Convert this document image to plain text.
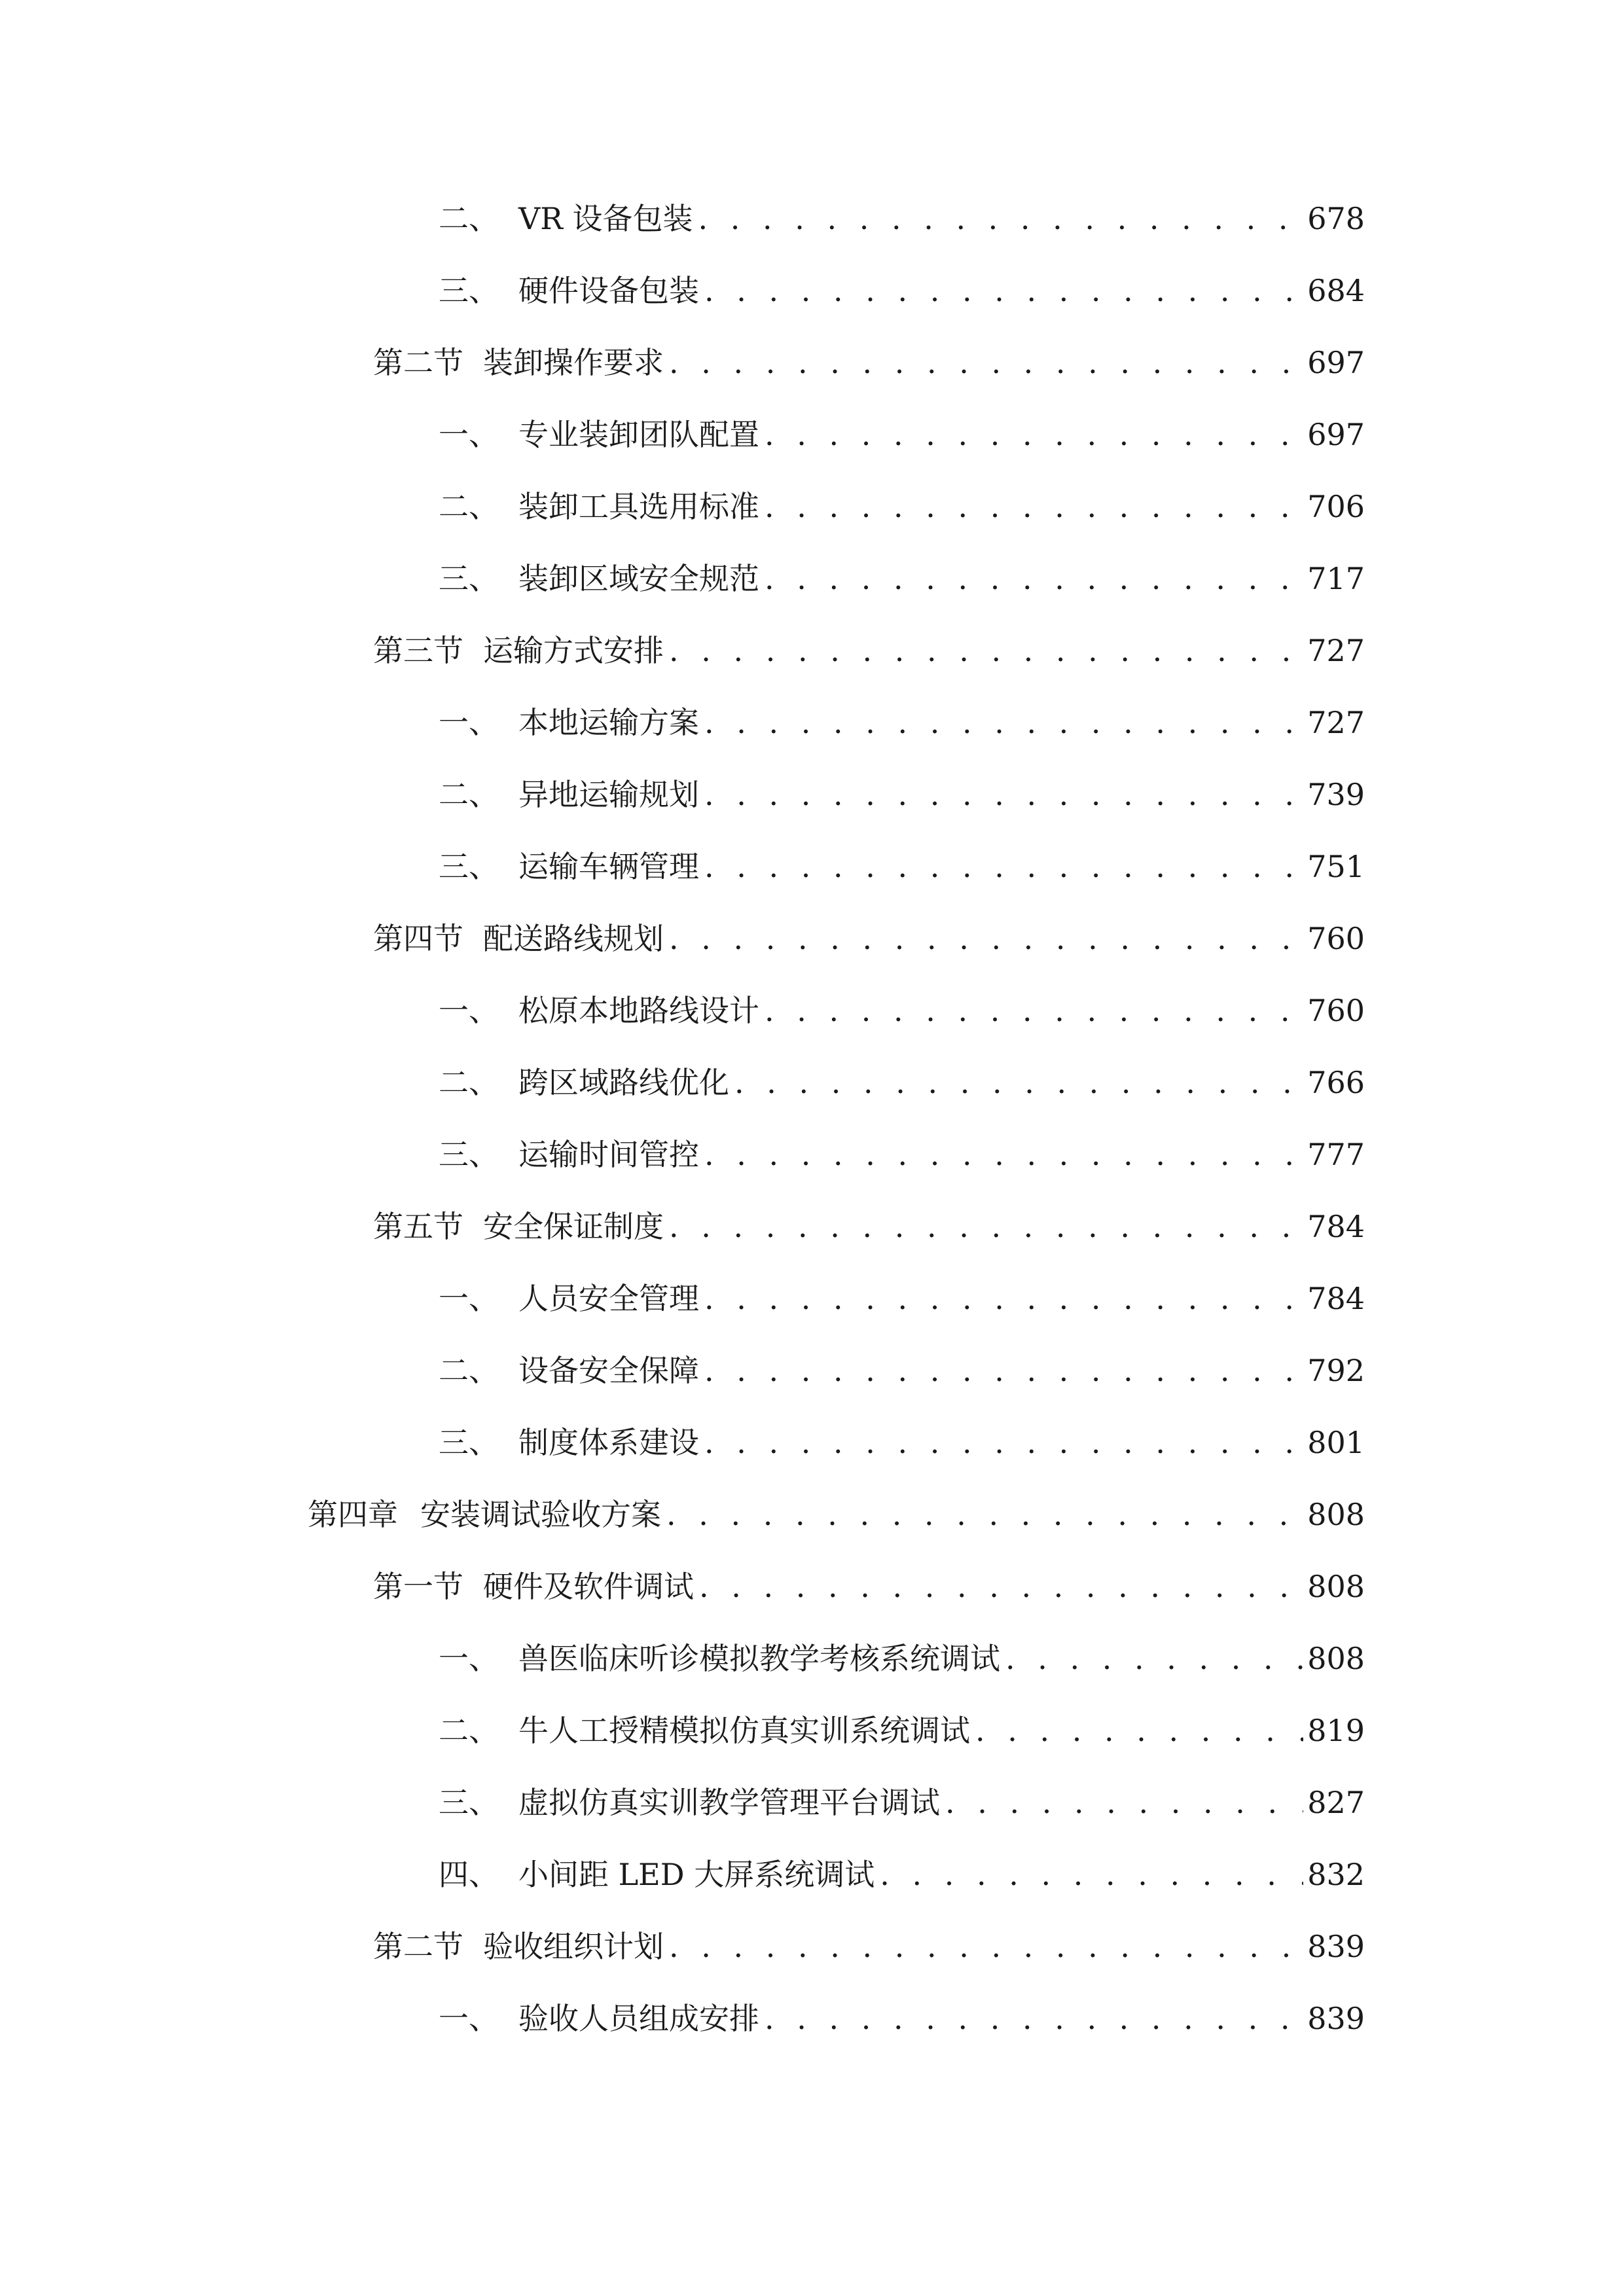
二、 VR 设备包装 . . .	678
三、 硬件设备包装 . . .	684
第二节 装卸操作要求 . . .	697
一、 专业装卸团队配置 . . .	697
二、 装卸工具选用标准 . . .	706
三、 装卸区域安全规范 . . .	717
第三节 运输方式安排 . . .	727
一、 本地运输方案 . . .	727
二、 异地运输规划 . . .	739
三、 运输车辆管理 . . .	751
第四节 配送路线规划 . . .	760
一、 松原本地路线设计 . . .	760
二、 跨区域路线优化 . . .	766
三、 运输时间管控 . . .	777
第五节 安全保证制度 . . .	784
一、 人员安全管理 . . .	784
二、 设备安全保障 . . .	792
三、 制度体系建设 . . .	801
第四章 安装调试验收方案 . . .	808
第一节 硬件及软件调试 . . .	808
一、 兽医临床听诊模拟教学考核系统调试 . . .	808
二、 牛人工授精模拟仿真实训系统调试 . . .	819
三、 虚拟仿真实训教学管理平台调试 . . .	827
四、 小间距 LED 大屏系统调试 . . .	832
第二节 验收组织计划 . . .	839
一、 验收人员组成安排 . . .	839
